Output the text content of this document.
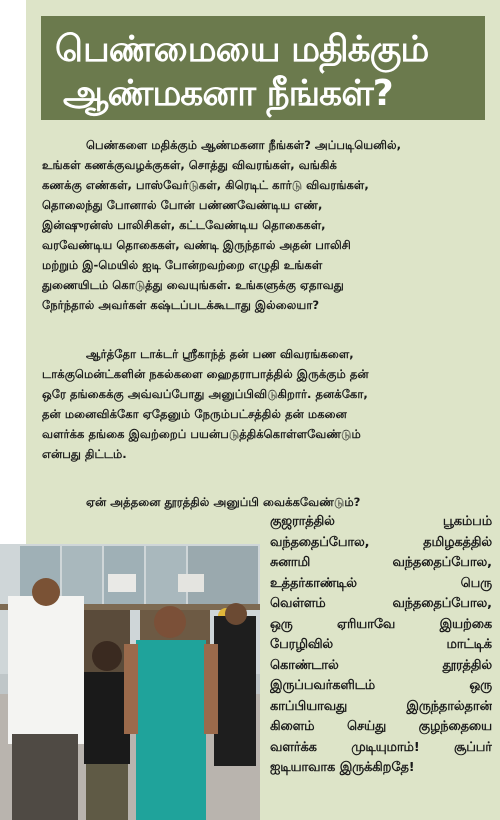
பெண்மையை மதிக்கும்
ஆண்மகனா நீங்கள்?
பெண்களை மதிக்கும் ஆண்மகனா நீங்கள்? அப்படியெனில்,
உங்கள் கணக்குவழக்குகள், சொத்து விவரங்கள், வங்கிக்
கணக்கு எண்கள், பாஸ்வேர்டுகள், கிரெடிட் கார்டு விவரங்கள்,
தொலைந்து போனால் போன் பண்ணவேண்டிய எண்,
இன்ஷுரன்ஸ் பாலிசிகள், கட்டவேண்டிய தொகைகள்,
வரவேண்டிய தொகைகள், வண்டி இருந்தால் அதன் பாலிசி
மற்றும் இ-மெயில் ஐடி போன்றவற்றை எழுதி உங்கள்
துணையிடம் கொடுத்து வையுங்கள். உங்களுக்கு ஏதாவது
நேர்ந்தால் அவர்கள் கஷ்டப்படக்கூடாது இல்லையா?
ஆர்த்தோ டாக்டர் ஸ்ரீகாந்த் தன் பண விவரங்களை,
டாக்குமென்ட்களின் நகல்களை ஹைதராபாத்தில் இருக்கும் தன்
ஒரே தங்கைக்கு அவ்வப்போது அனுப்பிவிடுகிறார். தனக்கோ,
தன் மனைவிக்கோ ஏதேனும் நேரும்பட்சத்தில் தன் மகனை
வளர்க்க தங்கை இவற்றைப் பயன்படுத்திக்கொள்ளவேண்டும்
என்பது திட்டம்.
ஏன் அத்தனை தூரத்தில் அனுப்பி வைக்கவேண்டும்?
குஜராத்தில் பூகம்பம்
வந்ததைப்போல, தமிழகத்தில்
சுனாமி வந்ததைப்போல,
உத்தர்காண்டில் பெரு
வெள்ளம் வந்ததைப்போல,
ஒரு ஏரியாவே இயற்கை
பேரழிவில் மாட்டிக்
கொண்டால் தூரத்தில்
இருப்பவர்களிடம் ஒரு
காப்பியாவது இருந்தால்தான்
கிளைம் செய்து குழந்தையை
வளர்க்க முடியுமாம்! சூப்பர்
ஐடியாவாக இருக்கிறதே!
